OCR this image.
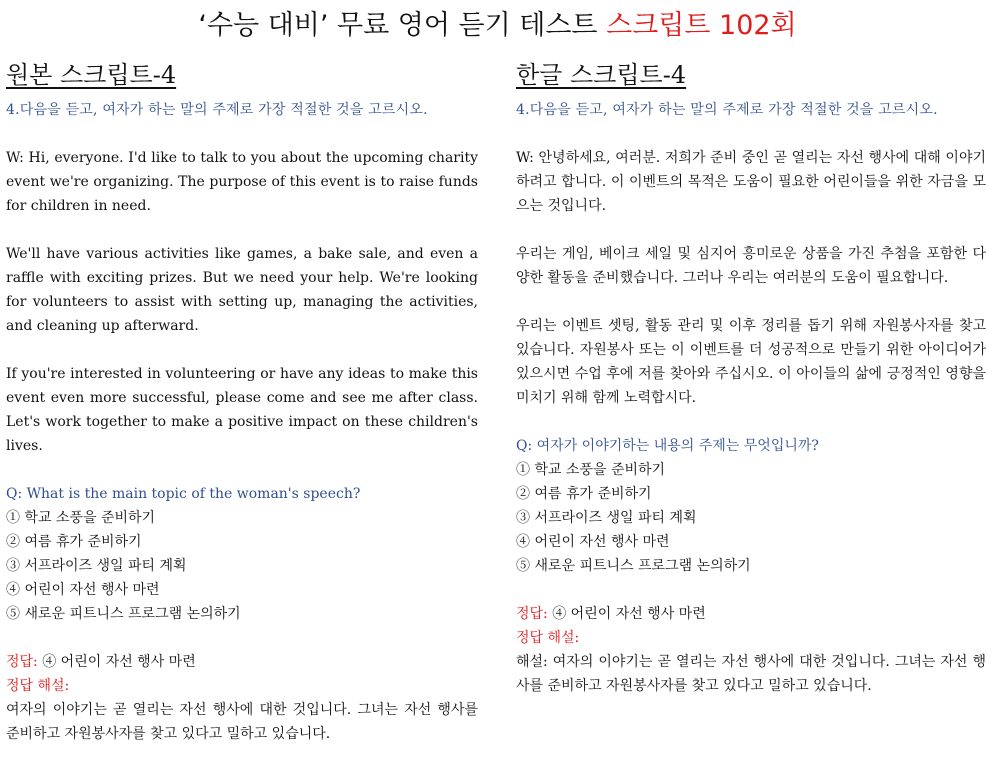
‘수능 대비’ 무료 영어 듣기 테스트 스크립트 102회
원본 스크립트-4
4.다음을 듣고, 여자가 하는 말의 주제로 가장 적절한 것을 고르시오.

W: Hi, everyone. I'd like to talk to you about the upcoming charity event we're organizing. The purpose of this event is to raise funds for children in need.

We'll have various activities like games, a bake sale, and even a raffle with exciting prizes. But we need your help. We're looking for volunteers to assist with setting up, managing the activities, and cleaning up afterward.

If you're interested in volunteering or have any ideas to make this event even more successful, please come and see me after class. Let's work together to make a positive impact on these children's lives.

Q: What is the main topic of the woman's speech?

① 학교 소풍을 준비하기
② 여름 휴가 준비하기
③ 서프라이즈 생일 파티 계획
④ 어린이 자선 행사 마련
⑤ 새로운 피트니스 프로그램 논의하기

정답: ④ 어린이 자선 행사 마련

정답 해설:

여자의 이야기는 곧 열리는 자선 행사에 대한 것입니다. 그녀는 자선 행사를 준비하고 자원봉사자를 찾고 있다고 밀하고 있습니다.

한글 스크립트-4
4.다음을 듣고, 여자가 하는 말의 주제로 가장 적절한 것을 고르시오.

W: 안녕하세요, 여러분. 저희가 준비 중인 곧 열리는 자선 행사에 대해 이야기하려고 합니다. 이 이벤트의 목적은 도움이 필요한 어린이들을 위한 자금을 모으는 것입니다.

우리는 게임, 베이크 세일 및 심지어 흥미로운 상품을 가진 추첨을 포함한 다양한 활동을 준비했습니다. 그러나 우리는 여러분의 도움이 필요합니다.

우리는 이벤트 셋팅, 활동 관리 및 이후 정리를 돕기 위해 자원봉사자를 찾고 있습니다. 자원봉사 또는 이 이벤트를 더 성공적으로 만들기 위한 아이디어가 있으시면 수업 후에 저를 찾아와 주십시오. 이 아이들의 삶에 긍정적인 영향을 미치기 위해 함께 노력합시다.

Q: 여자가 이야기하는 내용의 주제는 무엇입니까?

① 학교 소풍을 준비하기
② 여름 휴가 준비하기
③ 서프라이즈 생일 파티 계획
④ 어린이 자선 행사 마련
⑤ 새로운 피트니스 프로그램 논의하기

정답: ④ 어린이 자선 행사 마련

정답 해설:

해설: 여자의 이야기는 곧 열리는 자선 행사에 대한 것입니다. 그녀는 자선 행사를 준비하고 자원봉사자를 찾고 있다고 밀하고 있습니다.
